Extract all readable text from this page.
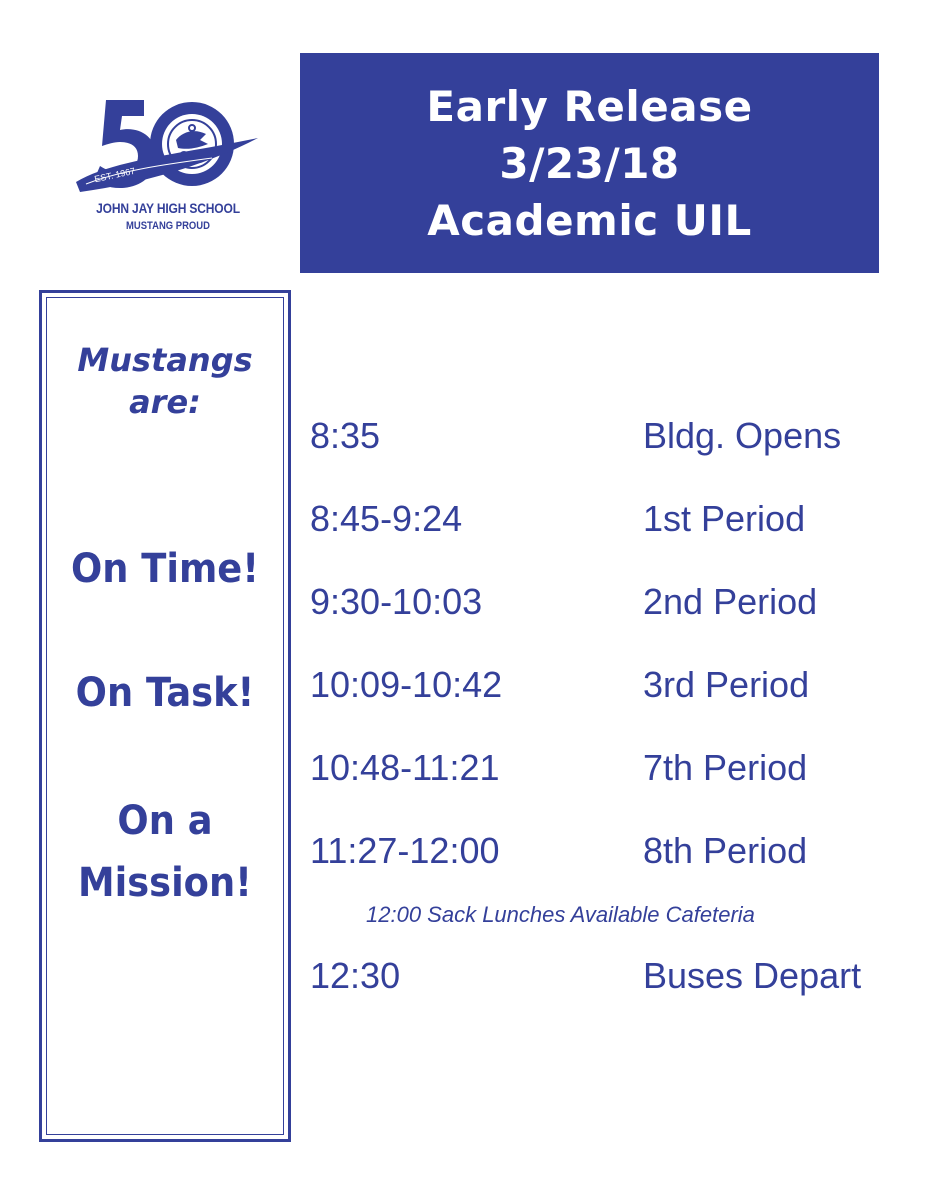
EST. 1967
JOHN JAY HIGH SCHOOL
MUSTANG PROUD
Early Release
3/23/18
Academic UIL
Mustangs
are:
On Time!
On Task!
On a
Mission!
8:35	Bldg. Opens
8:45-9:24	1st Period
9:30-10:03	2nd Period
10:09-10:42	3rd Period
10:48-11:21	7th Period
11:27-12:00	8th Period
12:00 Sack Lunches Available Cafeteria
12:30	Buses Depart
